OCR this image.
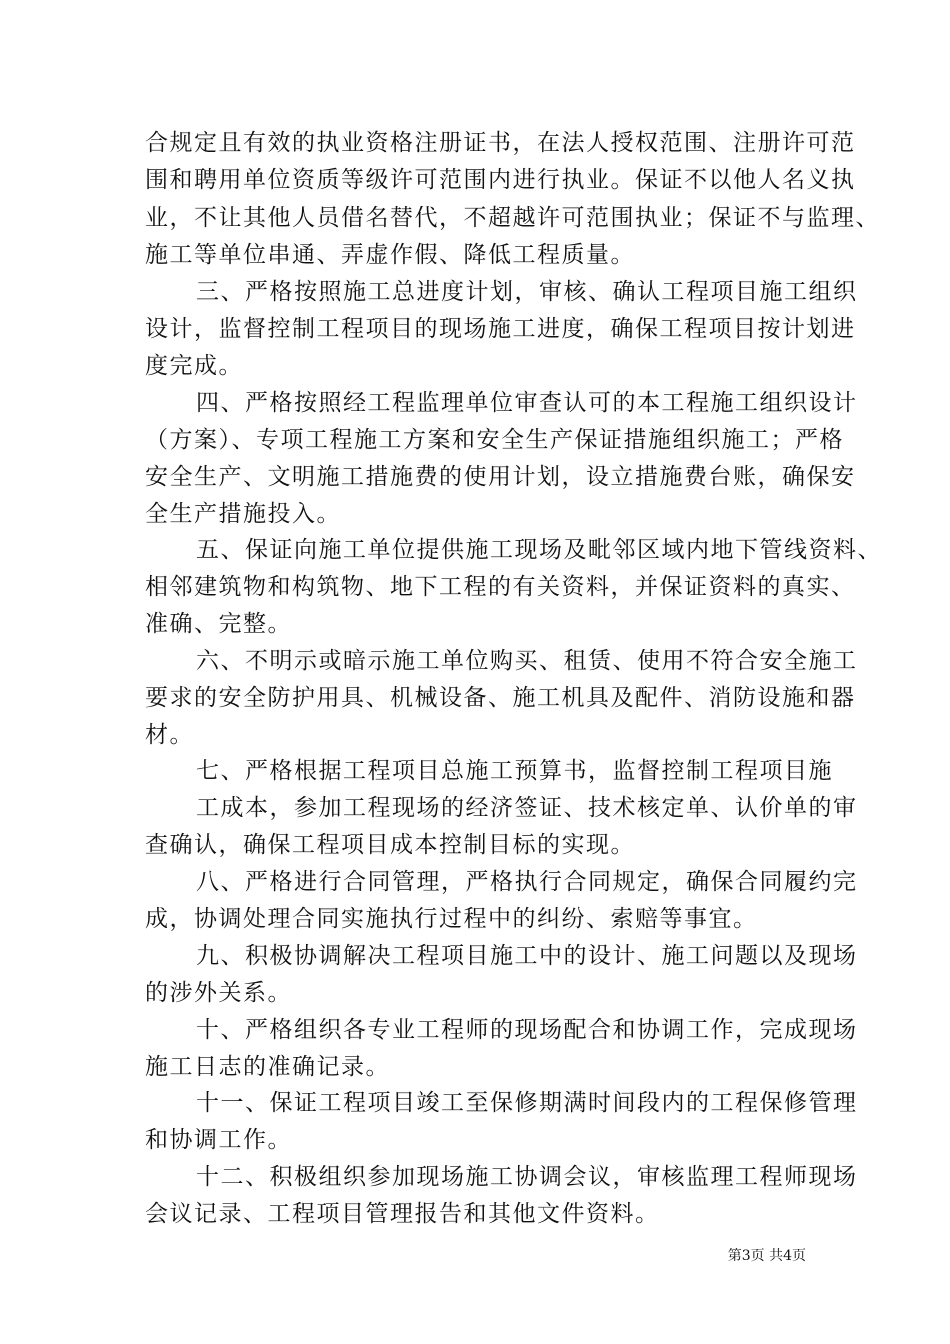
合规定且有效的执业资格注册证书，在法人授权范围、注册许可范
围和聘用单位资质等级许可范围内进行执业。保证不以他人名义执
业，不让其他人员借名替代，不超越许可范围执业；保证不与监理、
施工等单位串通、弄虚作假、降低工程质量。
三、严格按照施工总进度计划，审核、确认工程项目施工组织
设计，监督控制工程项目的现场施工进度，确保工程项目按计划进
度完成。
四、严格按照经工程监理单位审查认可的本工程施工组织设计
（方案）、专项工程施工方案和安全生产保证措施组织施工；严格
安全生产、文明施工措施费的使用计划，设立措施费台账，确保安
全生产措施投入。
五、保证向施工单位提供施工现场及毗邻区域内地下管线资料、
相邻建筑物和构筑物、地下工程的有关资料，并保证资料的真实、
准确、完整。
六、不明示或暗示施工单位购买、租赁、使用不符合安全施工
要求的安全防护用具、机械设备、施工机具及配件、消防设施和器
材。
七、严格根据工程项目总施工预算书，监督控制工程项目施
工成本，参加工程现场的经济签证、技术核定单、认价单的审
查确认，确保工程项目成本控制目标的实现。
八、严格进行合同管理，严格执行合同规定，确保合同履约完
成，协调处理合同实施执行过程中的纠纷、索赔等事宜。
九、积极协调解决工程项目施工中的设计、施工问题以及现场
的涉外关系。
十、严格组织各专业工程师的现场配合和协调工作，完成现场
施工日志的准确记录。
十一、保证工程项目竣工至保修期满时间段内的工程保修管理
和协调工作。
十二、积极组织参加现场施工协调会议，审核监理工程师现场
会议记录、工程项目管理报告和其他文件资料。
第3页 共4页
